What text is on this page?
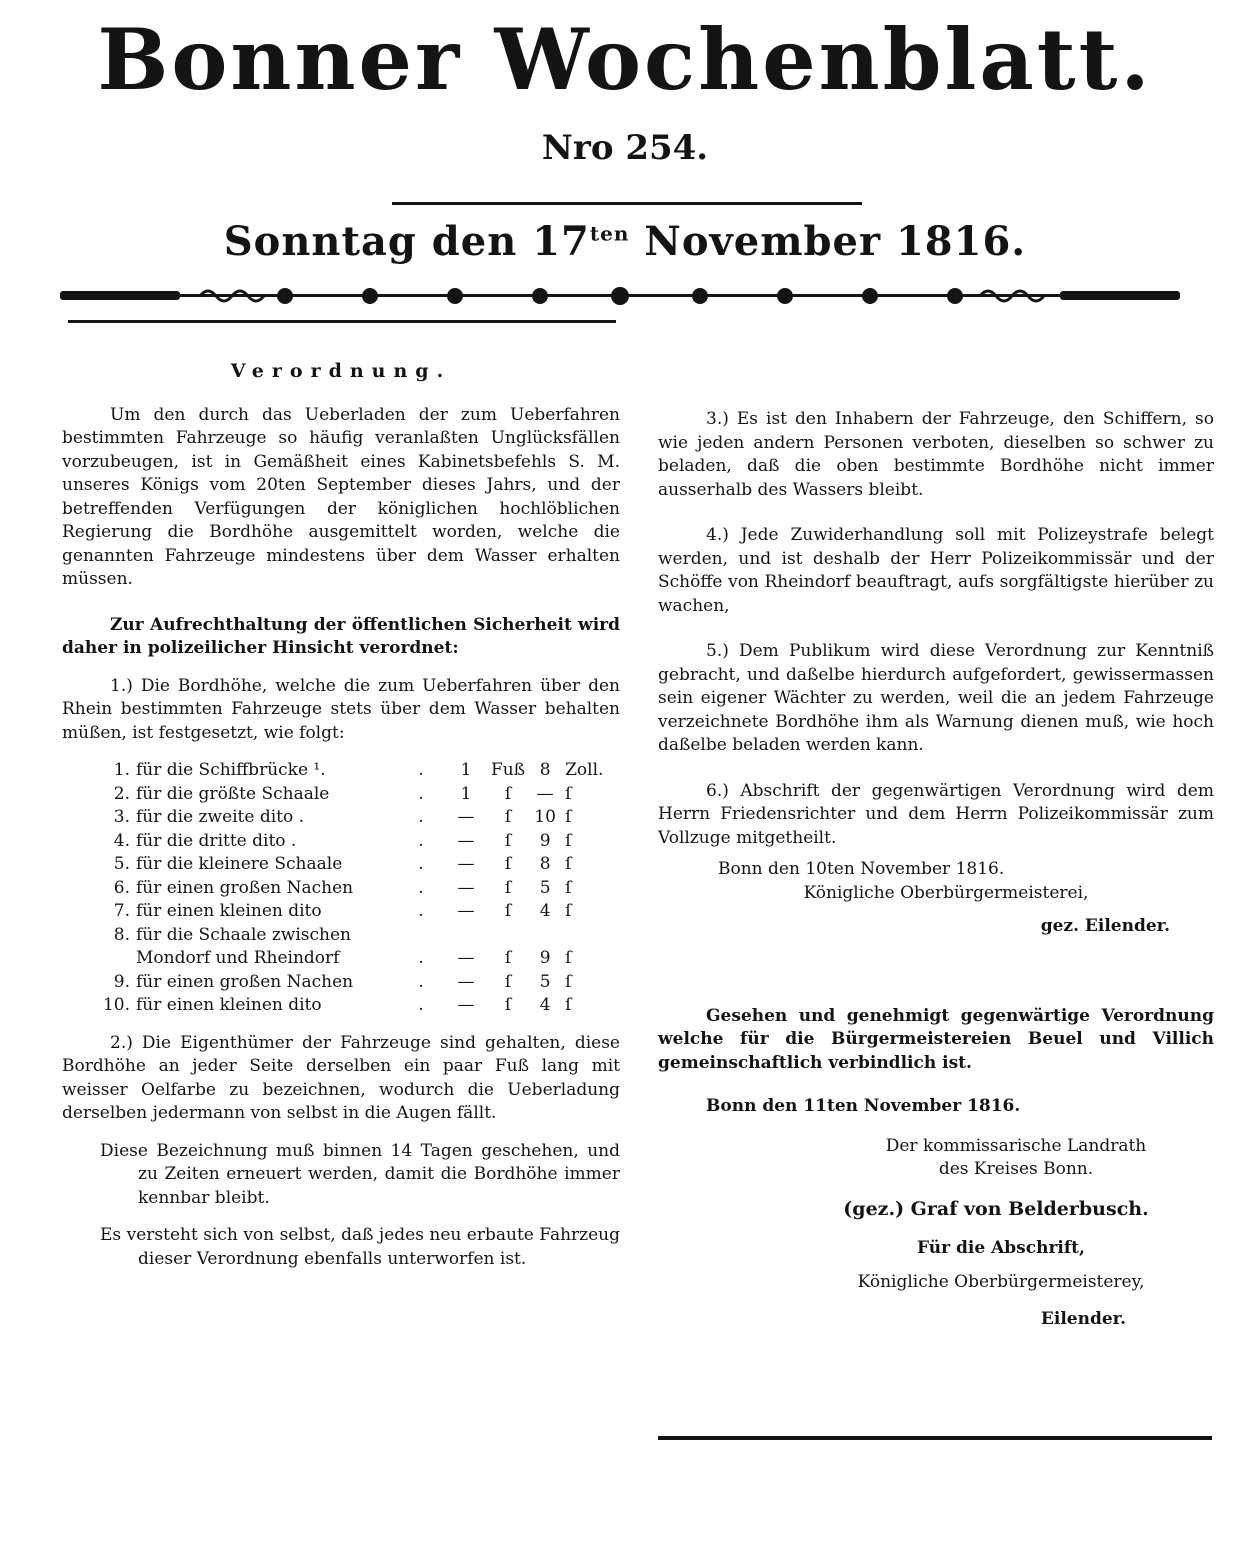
Bonner Wochenblatt.
Nro 254.
Sonntag den $17^{ten}$ November 1816.

Verordnung.

Um den durch das Ueberladen der zum Ueberfahren bestimmten Fahrzeuge so häufig veranlaßten Unglücksfällen vorzubeugen, ist in Gemäßheit eines Kabinetsbefehls S. M. unseres Königs vom 20ten September dieses Jahrs, und der betreffenden Verfügungen der königlichen hochlöblichen Regierung die Bordhöhe ausgemittelt worden, welche die genannten Fahrzeuge mindestens über dem Wasser erhalten müssen.

Zur Aufrechthaltung der öffentlichen Sicherheit wird daher in polizeilicher Hinsicht verordnet:

1.) Die Bordhöhe, welche die zum Ueberfahren über den Rhein bestimmten Fahrzeuge stets über dem Wasser behalten müßen, ist festgesetzt, wie folgt:

1.	für die Schiffbrücke ¹.	.	1	Fuß	8	Zoll.
2.	für die größte Schaale	.	1	ſ	—	ſ
3.	für die zweite dito .	.	—	ſ	10	ſ
4.	für die dritte dito .	.	—	ſ	9	ſ
5.	für die kleinere Schaale	.	—	ſ	8	ſ
6.	für einen großen Nachen	.	—	ſ	5	ſ
7.	für einen kleinen dito	.	—	ſ	4	ſ
8.	für die Schaale zwischen					
	Mondorf und Rheindorf	.	—	ſ	9	ſ
9.	für einen großen Nachen	.	—	ſ	5	ſ
10.	für einen kleinen dito	.	—	ſ	4	ſ

2.) Die Eigenthümer der Fahrzeuge sind gehalten, diese Bordhöhe an jeder Seite derselben ein paar Fuß lang mit weisser Oelfarbe zu bezeichnen, wodurch die Ueberladung derselben jedermann von selbst in die Augen fällt.

Diese Bezeichnung muß binnen 14 Tagen geschehen, und zu Zeiten erneuert werden, damit die Bordhöhe immer kennbar bleibt.

Es versteht sich von selbst, daß jedes neu erbaute Fahrzeug dieser Verordnung ebenfalls unterworfen ist.

3.) Es ist den Inhabern der Fahrzeuge, den Schiffern, so wie jeden andern Personen verboten, dieselben so schwer zu beladen, daß die oben bestimmte Bordhöhe nicht immer ausserhalb des Wassers bleibt.

4.) Jede Zuwiderhandlung soll mit Polizeystrafe belegt werden, und ist deshalb der Herr Polizeikommissär und der Schöffe von Rheindorf beauftragt, aufs sorgfältigste hierüber zu wachen,

5.) Dem Publikum wird diese Verordnung zur Kenntniß gebracht, und daßelbe hierdurch aufgefordert, gewissermassen sein eigener Wächter zu werden, weil die an jedem Fahrzeuge verzeichnete Bordhöhe ihm als Warnung dienen muß, wie hoch daßelbe beladen werden kann.

6.) Abschrift der gegenwärtigen Verordnung wird dem Herrn Friedensrichter und dem Herrn Polizeikommissär zum Vollzuge mitgetheilt.

Bonn den 10ten November 1816.

Königliche Oberbürgermeisterei,

gez. Eilender.

Gesehen und genehmigt gegenwärtige Verordnung welche für die Bürgermeistereien Beuel und Villich gemeinschaftlich verbindlich ist.

Bonn den 11ten November 1816.

Der kommissarische Landrath

des Kreises Bonn.

(gez.) Graf von Belderbusch.

Für die Abschrift,

Königliche Oberbürgermeisterey,

Eilender.
